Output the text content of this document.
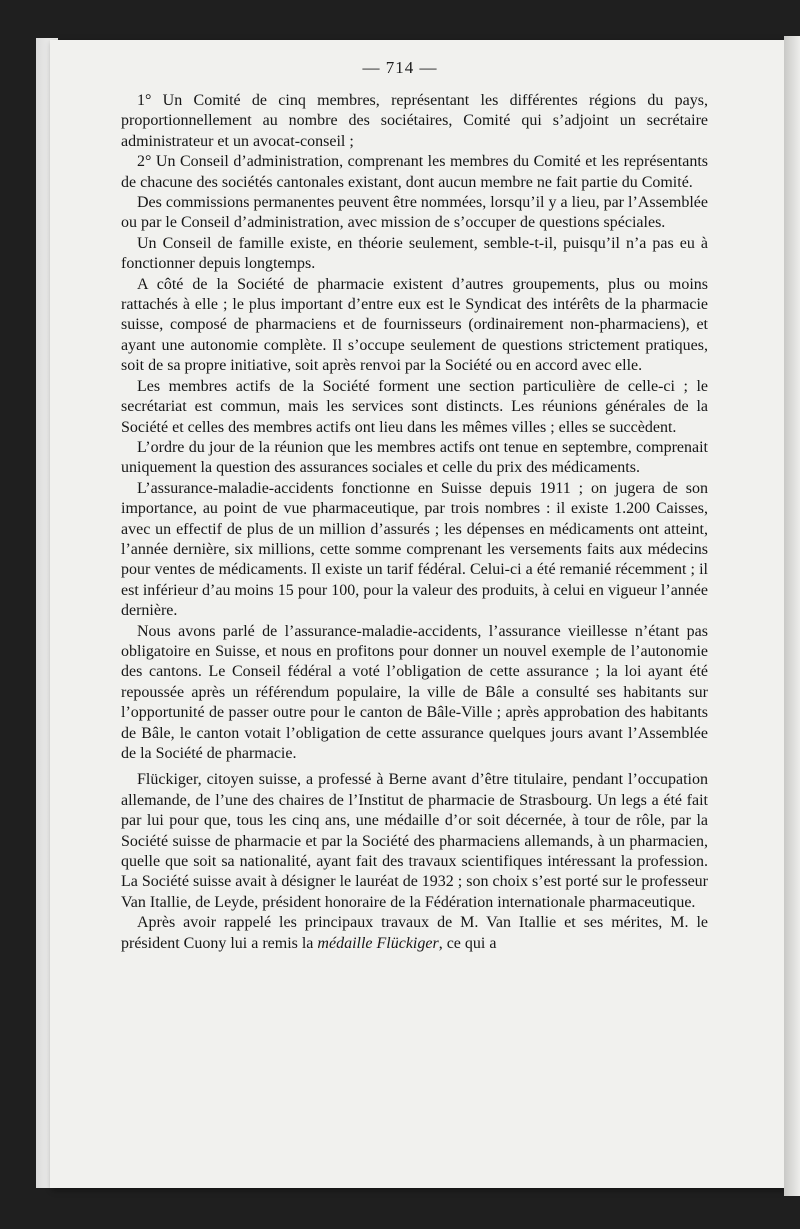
— 714 —

1° Un Comité de cinq membres, représentant les différentes régions du pays, proportionnellement au nombre des sociétaires, Comité qui s’adjoint un secrétaire administrateur et un avocat-conseil ;

2° Un Conseil d’administration, comprenant les membres du Comité et les représentants de chacune des sociétés cantonales existant, dont aucun membre ne fait partie du Comité.

Des commissions permanentes peuvent être nommées, lorsqu’il y a lieu, par l’Assemblée ou par le Conseil d’administration, avec mission de s’occuper de questions spéciales.

Un Conseil de famille existe, en théorie seulement, semble-t-il, puisqu’il n’a pas eu à fonctionner depuis longtemps.

A côté de la Société de pharmacie existent d’autres groupements, plus ou moins rattachés à elle ; le plus important d’entre eux est le Syndicat des intérêts de la pharmacie suisse, composé de pharmaciens et de fournisseurs (ordinairement non-pharmaciens), et ayant une autonomie complète. Il s’occupe seulement de questions strictement pratiques, soit de sa propre initiative, soit après renvoi par la Société ou en accord avec elle.

Les membres actifs de la Société forment une section particulière de celle-ci ; le secrétariat est commun, mais les services sont distincts. Les réunions générales de la Société et celles des membres actifs ont lieu dans les mêmes villes ; elles se succèdent.

L’ordre du jour de la réunion que les membres actifs ont tenue en septembre, comprenait uniquement la question des assurances sociales et celle du prix des médicaments.

L’assurance-maladie-accidents fonctionne en Suisse depuis 1911 ; on jugera de son importance, au point de vue pharmaceutique, par trois nombres : il existe 1.200 Caisses, avec un effectif de plus de un million d’assurés ; les dépenses en médicaments ont atteint, l’année dernière, six millions, cette somme comprenant les versements faits aux médecins pour ventes de médicaments. Il existe un tarif fédéral. Celui-ci a été remanié récemment ; il est inférieur d’au moins 15 pour 100, pour la valeur des produits, à celui en vigueur l’année dernière.

Nous avons parlé de l’assurance-maladie-accidents, l’assurance vieillesse n’étant pas obligatoire en Suisse, et nous en profitons pour donner un nouvel exemple de l’autonomie des cantons. Le Conseil fédéral a voté l’obligation de cette assurance ; la loi ayant été repoussée après un référendum populaire, la ville de Bâle a consulté ses habitants sur l’opportunité de passer outre pour le canton de Bâle-Ville ; après approbation des habitants de Bâle, le canton votait l’obligation de cette assurance quelques jours avant l’Assemblée de la Société de pharmacie.

Flückiger, citoyen suisse, a professé à Berne avant d’être titulaire, pendant l’occupation allemande, de l’une des chaires de l’Institut de pharmacie de Strasbourg. Un legs a été fait par lui pour que, tous les cinq ans, une médaille d’or soit décernée, à tour de rôle, par la Société suisse de pharmacie et par la Société des pharmaciens allemands, à un pharmacien, quelle que soit sa nationalité, ayant fait des travaux scientifiques intéressant la profession. La Société suisse avait à désigner le lauréat de 1932 ; son choix s’est porté sur le professeur Van Itallie, de Leyde, président honoraire de la Fédération internationale pharmaceutique.

Après avoir rappelé les principaux travaux de M. Van Itallie et ses mérites, M. le président Cuony lui a remis la médaille Flückiger, ce qui a
